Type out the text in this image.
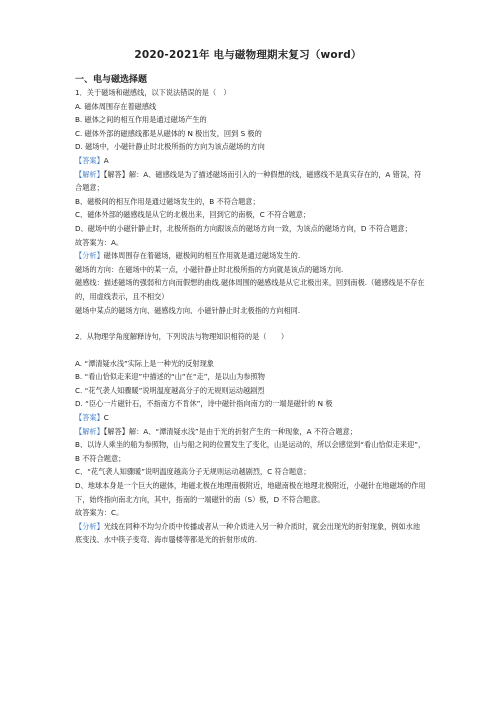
2020-2021年 电与磁物理期末复习（word）
一、电与磁选择题
1．关于磁场和磁感线，以下说法错误的是（　）
A. 磁体周围存在着磁感线
B. 磁体之间的相互作用是通过磁场产生的
C. 磁体外部的磁感线都是从磁体的 N 极出发，回到 S 极的
D. 磁场中，小磁针静止时北极所指的方向为该点磁场的方向
【答案】A
【解析】【解答】解：A、磁感线是为了描述磁场而引入的一种假想的线，磁感线不是真实存在的，A 错误，符合题意；
B、磁极间的相互作用是通过磁场发生的，B 不符合题意；
C、磁体外部的磁感线是从它的北极出来，回到它的南极，C 不符合题意；
D、磁场中的小磁针静止时，北极所指的方向跟该点的磁场方向一致，为该点的磁场方向，D 不符合题意；
故答案为：A。
【分析】磁体周围存在着磁场，磁极间的相互作用就是通过磁场发生的.
磁场的方向：在磁场中的某一点，小磁针静止时北极所指的方向就是该点的磁场方向.
磁感线：描述磁场的强弱和方向而假想的曲线.磁体周围的磁感线是从它北极出来，回到南极.（磁感线是不存在的，用虚线表示，且不相交）
磁场中某点的磁场方向、磁感线方向、小磁针静止时北极指的方向相同.
2．从物理学角度解释诗句，下列说法与物理知识相符的是（　　）
A. “潭清疑水浅”实际上是一种光的反射现象
B. “看山恰似走来迎”中描述的“山”在“走”，是以山为参照物
C. “花气袭人知骤暖”说明温度越高分子的无规则运动越剧烈
D. “臣心一片磁针石，不指南方不肯休”，诗中磁针指向南方的一端是磁针的 N 极
【答案】C
【解析】【解答】解：A、“潭清疑水浅”是由于光的折射产生的一种现象，A 不符合题意；
B、以诗人乘坐的船为参照物，山与船之间的位置发生了变化，山是运动的，所以会感觉到“看山恰似走来迎”，B 不符合题意；
C、“花气袭人知骤暖”说明温度越高分子无规则运动越剧烈，C 符合题意；
D、地球本身是一个巨大的磁体，地磁北极在地理南极附近，地磁南极在地理北极附近，小磁针在地磁场的作用下，始终指向南北方向，其中，指南的一端磁针的南（S）极，D 不符合题意。
故答案为：C。
【分析】光线在同种不均匀介质中传播或者从一种介质进入另一种介质时，就会出现光的折射现象，例如水池底变浅、水中筷子变弯、海市蜃楼等都是光的折射形成的.
